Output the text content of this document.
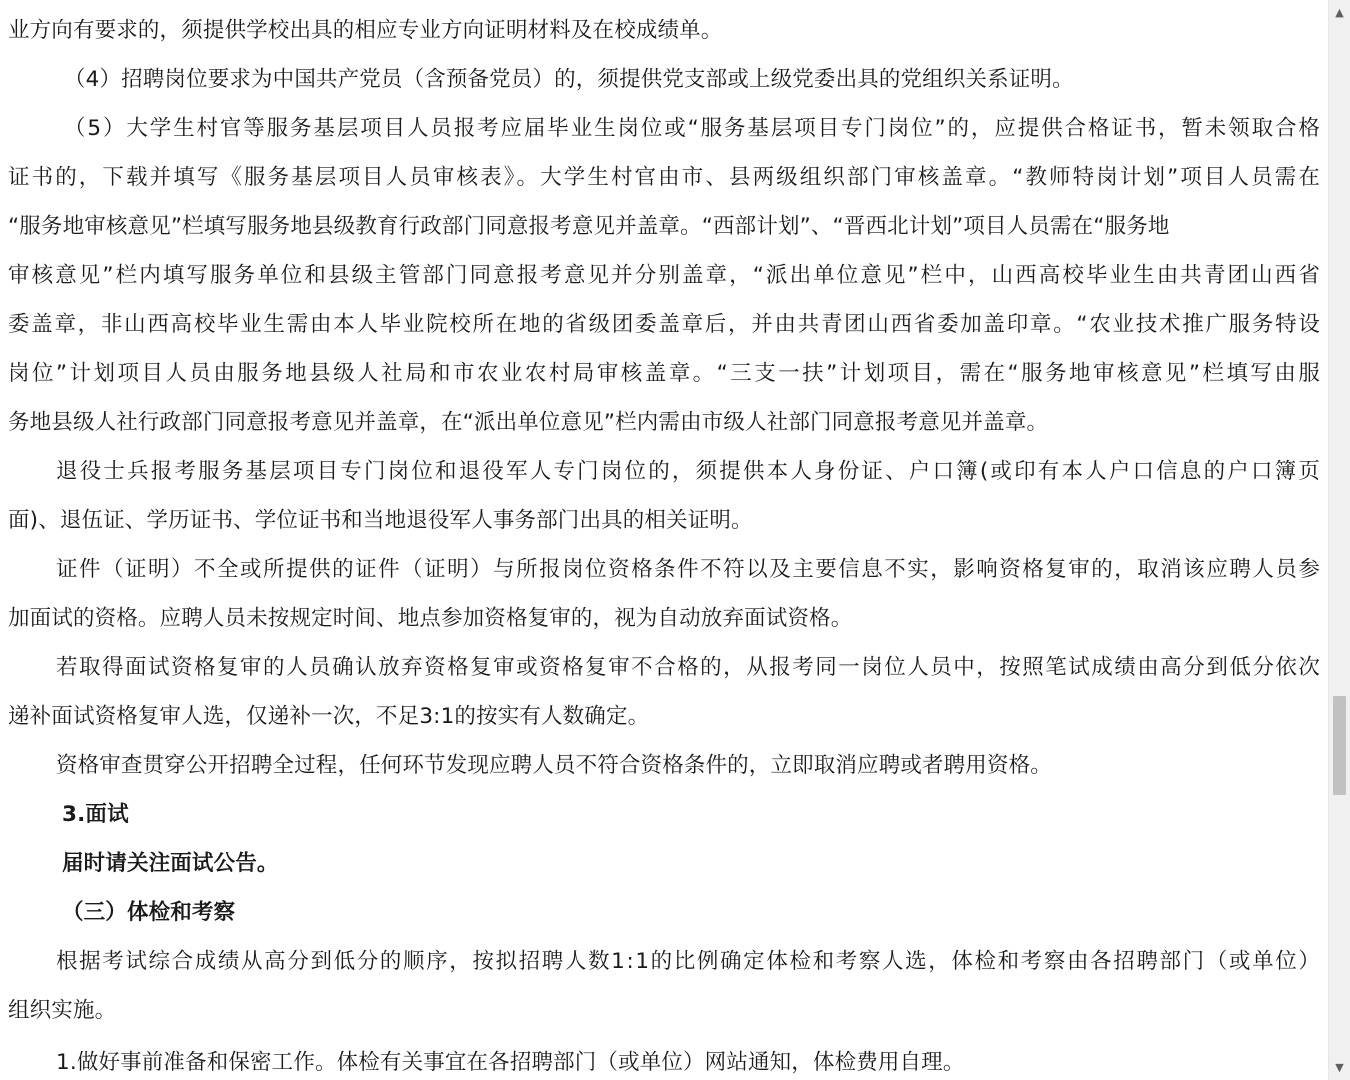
业方向有要求的，须提供学校出具的相应专业方向证明材料及在校成绩单。
（4）招聘岗位要求为中国共产党员（含预备党员）的，须提供党支部或上级党委出具的党组织关系证明。
（5）大学生村官等服务基层项目人员报考应届毕业生岗位或“服务基层项目专门岗位”的，应提供合格证书，暂未领取合格
证书的，下载并填写《服务基层项目人员审核表》。大学生村官由市、县两级组织部门审核盖章。“教师特岗计划”项目人员需在
“服务地审核意见”栏填写服务地县级教育行政部门同意报考意见并盖章。“西部计划”、“晋西北计划”项目人员需在“服务地
审核意见”栏内填写服务单位和县级主管部门同意报考意见并分别盖章，“派出单位意见”栏中，山西高校毕业生由共青团山西省
委盖章，非山西高校毕业生需由本人毕业院校所在地的省级团委盖章后，并由共青团山西省委加盖印章。“农业技术推广服务特设
岗位”计划项目人员由服务地县级人社局和市农业农村局审核盖章。“三支一扶”计划项目，需在“服务地审核意见”栏填写由服
务地县级人社行政部门同意报考意见并盖章，在“派出单位意见”栏内需由市级人社部门同意报考意见并盖章。
退役士兵报考服务基层项目专门岗位和退役军人专门岗位的，须提供本人身份证、户口簿(或印有本人户口信息的户口簿页
面)、退伍证、学历证书、学位证书和当地退役军人事务部门出具的相关证明。
证件（证明）不全或所提供的证件（证明）与所报岗位资格条件不符以及主要信息不实，影响资格复审的，取消该应聘人员参
加面试的资格。应聘人员未按规定时间、地点参加资格复审的，视为自动放弃面试资格。
若取得面试资格复审的人员确认放弃资格复审或资格复审不合格的，从报考同一岗位人员中，按照笔试成绩由高分到低分依次
递补面试资格复审人选，仅递补一次，不足3:1的按实有人数确定。
资格审查贯穿公开招聘全过程，任何环节发现应聘人员不符合资格条件的，立即取消应聘或者聘用资格。
3.面试
届时请关注面试公告。
（三）体检和考察
根据考试综合成绩从高分到低分的顺序，按拟招聘人数1:1的比例确定体检和考察人选，体检和考察由各招聘部门（或单位）
组织实施。
1.做好事前准备和保密工作。体检有关事宜在各招聘部门（或单位）网站通知，体检费用自理。
▲
▼
